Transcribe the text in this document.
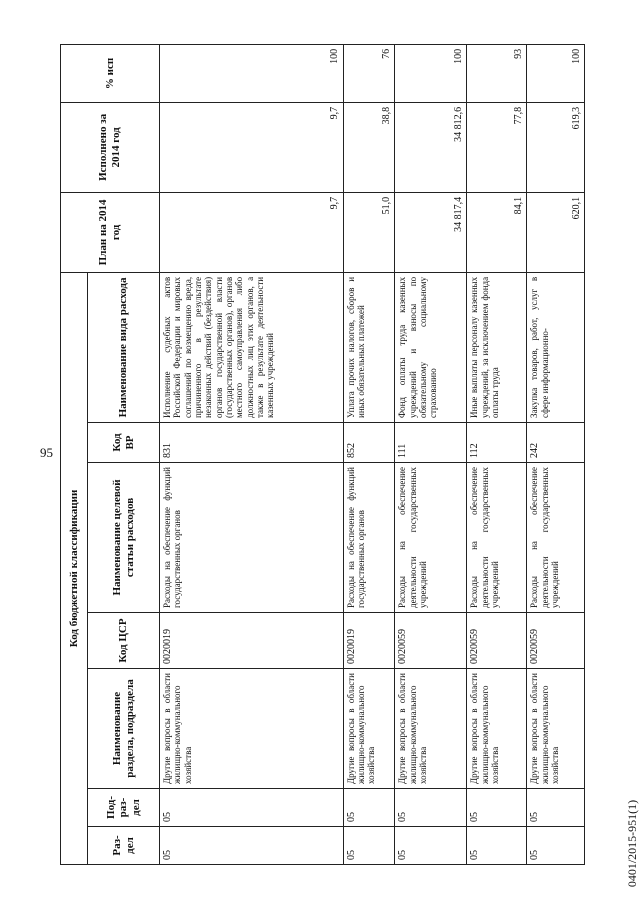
95
0401/2015-951(1)
Код бюджетной классификации							План на 2014 год	Исполнено за 2014 год	% исп
Раз-дел	Под-раз-дел	Наименование раздела, подраздела	Код ЦСР	Наименование целевой статьи расходов	Код ВР	Наименование вида расхода			
05	05	Другие вопросы в области жилищно-коммунального хозяйства	0020019	Расходы на обеспечение функций государственных органов	831	Исполнение судебных актов Российской Федерации и мировых соглашений по возмещению вреда, причиненного в результате незаконных действий (бездействия) органов государственной власти (государственных органов), органов местного самоуправления либо должностных лиц этих органов, а также в результате деятельности казенных учреждений	9,7	9,7	100
05	05	Другие вопросы в области жилищно-коммунального хозяйства	0020019	Расходы на обеспечение функций государственных органов	852	Уплата прочих налогов, сборов и иных обязательных платежей	51,0	38,8	76
05	05	Другие вопросы в области жилищно-коммунального хозяйства	0020059	Расходы на обеспечение деятельности государственных учреждений	111	Фонд оплаты труда казенных учреждений и взносы по обязательному социальному страхованию	34 817,4	34 812,6	100
05	05	Другие вопросы в области жилищно-коммунального хозяйства	0020059	Расходы на обеспечение деятельности государственных учреждений	112	Иные выплаты персоналу казенных учреждений, за исключением фонда оплаты труда	84,1	77,8	93
05	05	Другие вопросы в области жилищно-коммунального хозяйства	0020059	Расходы на обеспечение деятельности государственных учреждений	242	Закупка товаров, работ, услуг в сфере информационно-	620,1	619,3	100
